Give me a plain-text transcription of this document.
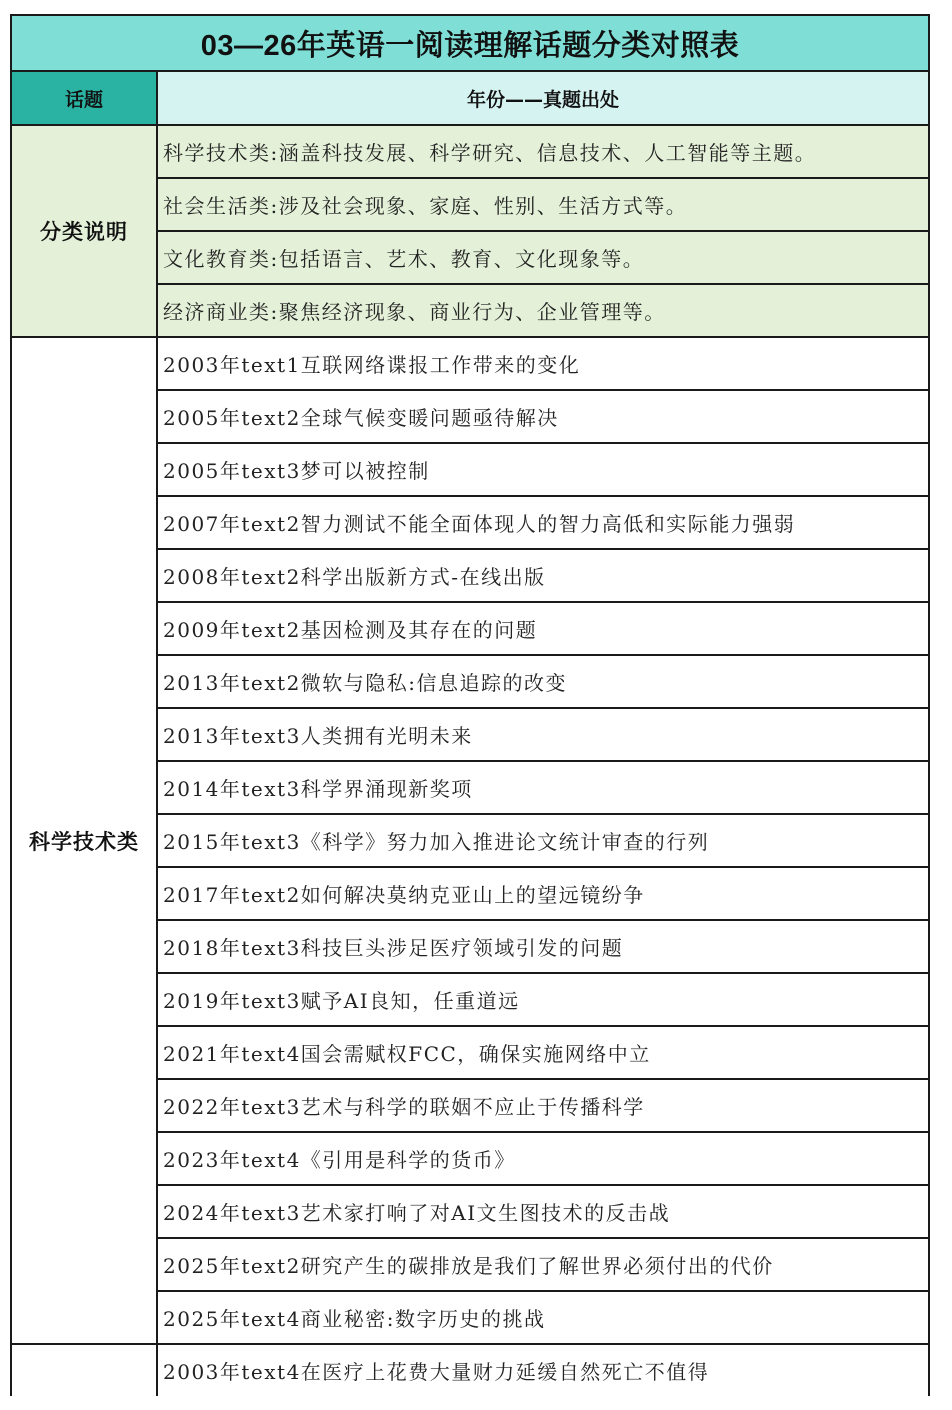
03—26年英语一阅读理解话题分类对照表
话题	年份——真题出处
分类说明
科学技术类:涵盖科技发展、科学研究、信息技术、人工智能等主题。
社会生活类:涉及社会现象、家庭、性别、生活方式等。
文化教育类:包括语言、艺术、教育、文化现象等。
经济商业类:聚焦经济现象、商业行为、企业管理等。
科学技术类
2003年text1互联网络谍报工作带来的变化
2005年text2全球气候变暖问题亟待解决
2005年text3梦可以被控制
2007年text2智力测试不能全面体现人的智力高低和实际能力强弱
2008年text2科学出版新方式-在线出版
2009年text2基因检测及其存在的问题
2013年text2微软与隐私:信息追踪的改变
2013年text3人类拥有光明未来
2014年text3科学界涌现新奖项
2015年text3《科学》努力加入推进论文统计审查的行列
2017年text2如何解决莫纳克亚山上的望远镜纷争
2018年text3科技巨头涉足医疗领域引发的问题
2019年text3赋予AI良知，任重道远
2021年text4国会需赋权FCC，确保实施网络中立
2022年text3艺术与科学的联姻不应止于传播科学
2023年text4《引用是科学的货币》
2024年text3艺术家打响了对AI文生图技术的反击战
2025年text2研究产生的碳排放是我们了解世界必须付出的代价
2025年text4商业秘密:数字历史的挑战
2003年text4在医疗上花费大量财力延缓自然死亡不值得
